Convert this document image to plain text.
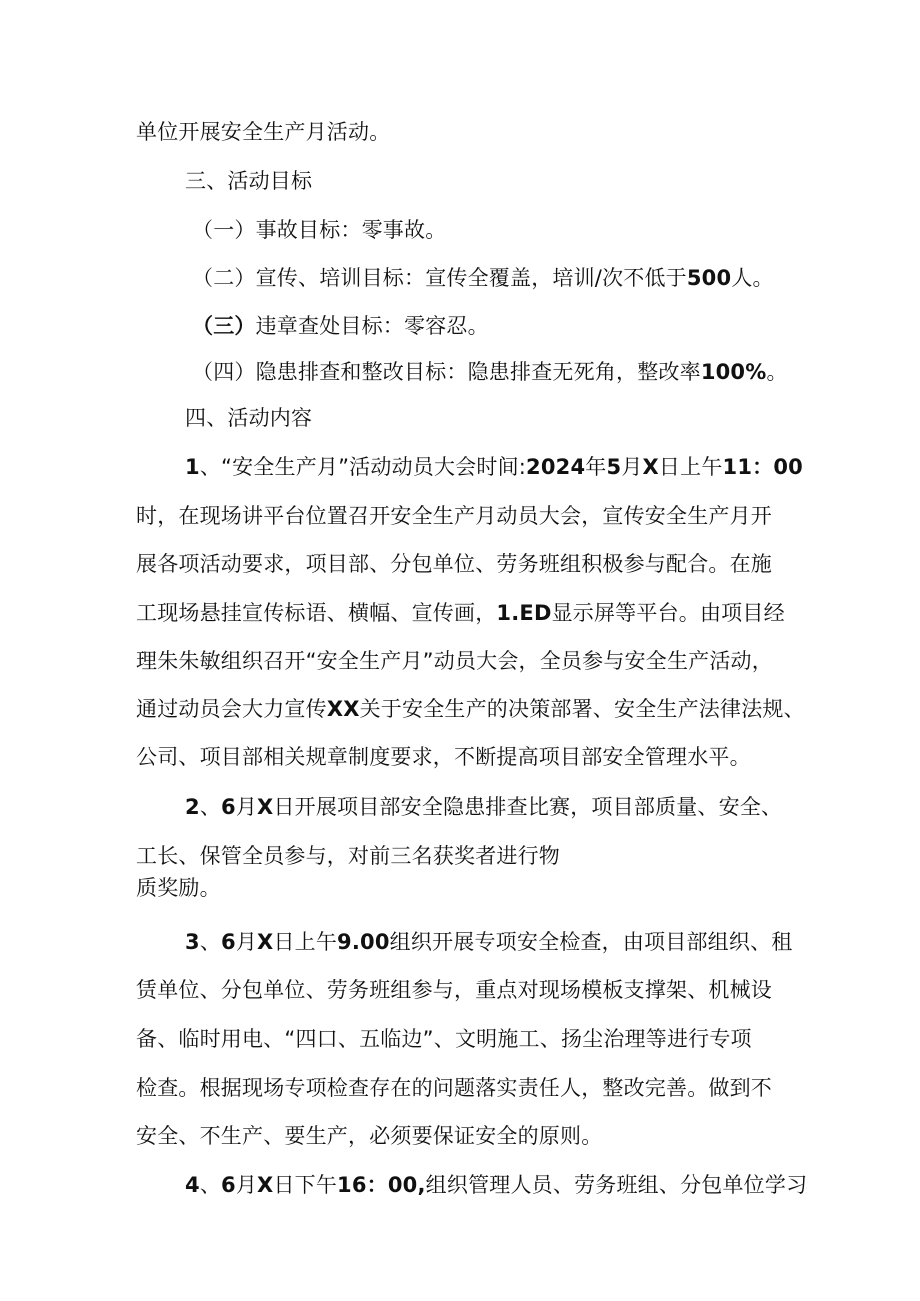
单位开展安全生产月活动。
三、活动目标
（一）事故目标：零事故。
（二）宣传、培训目标：宣传全覆盖，培训/次不低于500人。
（三）违章查处目标：零容忍。
（四）隐患排查和整改目标：隐患排查无死角，整改率100%。
四、活动内容
1、“安全生产月”活动动员大会时间:2024年5月X日上午11：00
时，在现场讲平台位置召开安全生产月动员大会，宣传安全生产月开
展各项活动要求，项目部、分包单位、劳务班组积极参与配合。在施
工现场悬挂宣传标语、横幅、宣传画，1.ED显示屏等平台。由项目经
理朱朱敏组织召开“安全生产月”动员大会，全员参与安全生产活动，
通过动员会大力宣传XX关于安全生产的决策部署、安全生产法律法规、
公司、项目部相关规章制度要求，不断提高项目部安全管理水平。
2、6月X日开展项目部安全隐患排查比赛，项目部质量、安全、
工长、保管全员参与，对前三名获奖者进行物
质奖励。
3、6月X日上午9.00组织开展专项安全检查，由项目部组织、租
赁单位、分包单位、劳务班组参与，重点对现场模板支撑架、机械设
备、临时用电、“四口、五临边”、文明施工、扬尘治理等进行专项
检查。根据现场专项检查存在的问题落实责任人，整改完善。做到不
安全、不生产、要生产，必须要保证安全的原则。
4、6月X日下午16：00,组织管理人员、劳务班组、分包单位学习
